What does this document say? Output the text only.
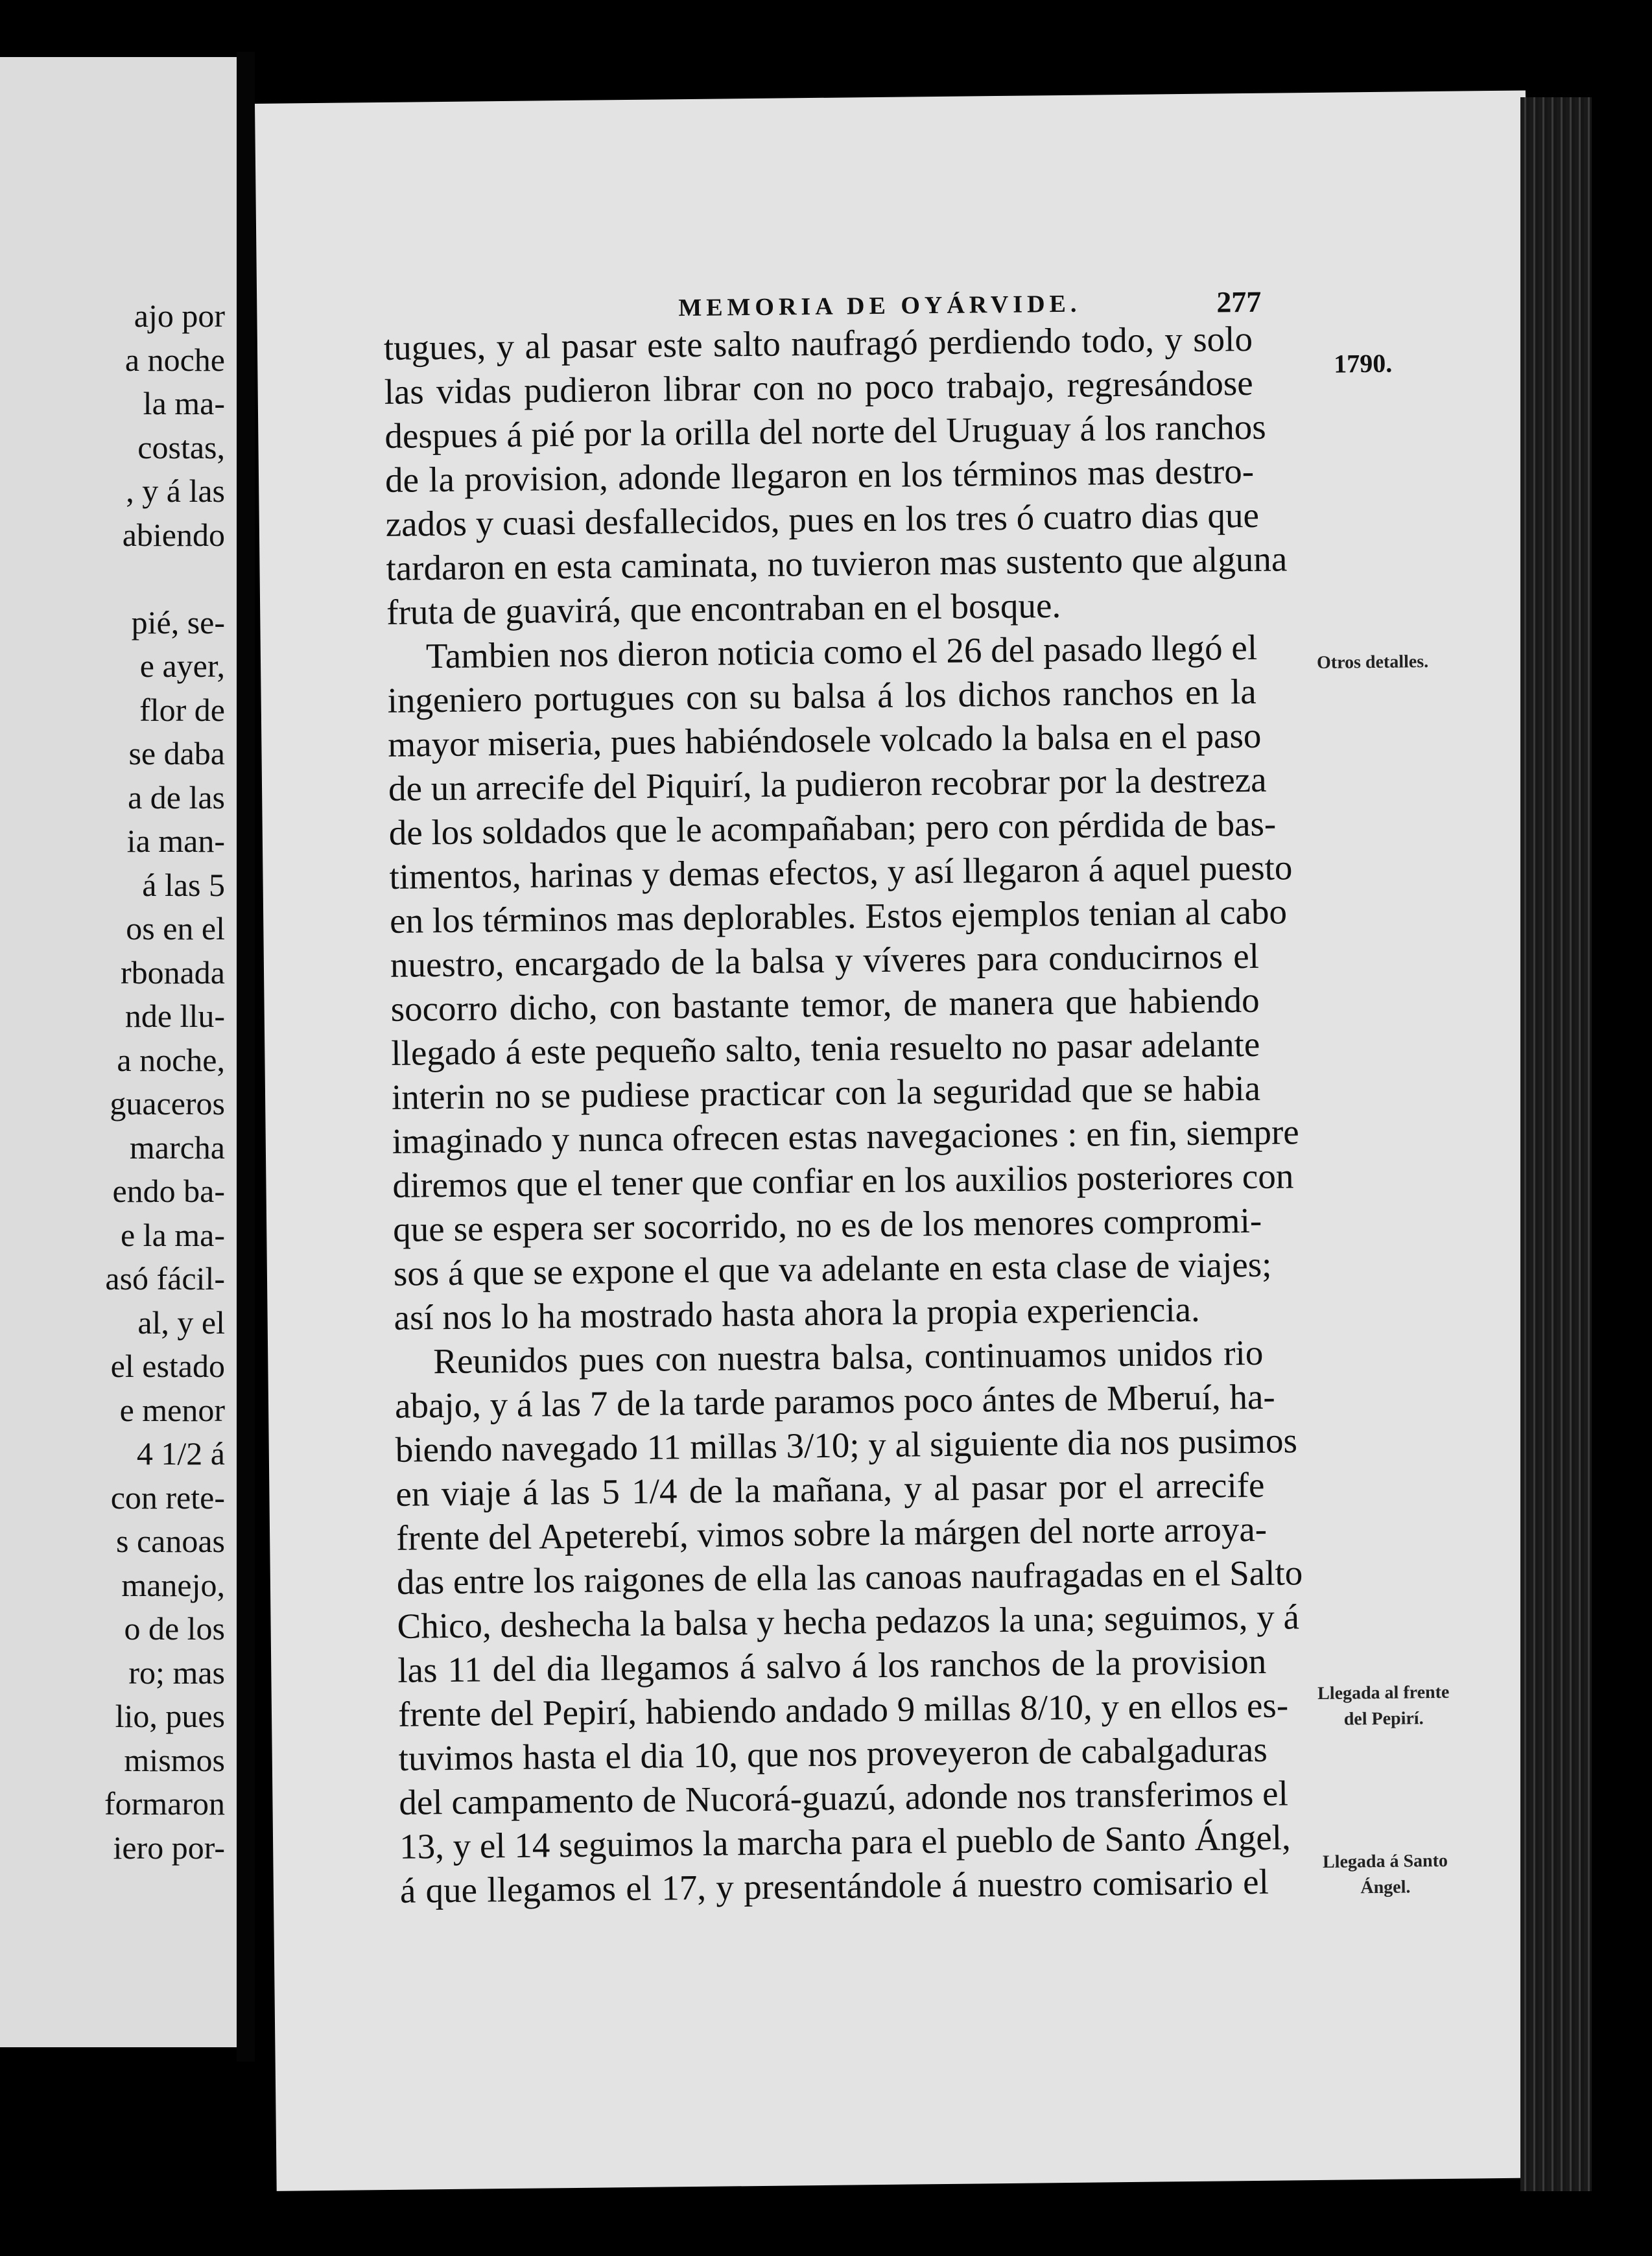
ajo por
a noche
la ma-
costas,
, y á las
abiendo
pié, se-
e ayer,
flor de
se daba
a de las
ia man-
á las 5
os en el
rbonada
nde llu-
a noche,
guaceros
marcha
endo ba-
e la ma-
asó fácil-
al, y el
el estado
e menor
4 1/2 á
con rete-
s canoas
manejo,
o de los
ro; mas
lio, pues
mismos
formaron
iero por-
MEMORIA DE OYÁRVIDE.	277
tugues, y al pasar este salto naufragó perdiendo todo, y solo
las vidas pudieron librar con no poco trabajo, regresándose
despues á pié por la orilla del norte del Uruguay á los ranchos
de la provision, adonde llegaron en los términos mas destro-
zados y cuasi desfallecidos, pues en los tres ó cuatro dias que
tardaron en esta caminata, no tuvieron mas sustento que alguna
fruta de guavirá, que encontraban en el bosque.
Tambien nos dieron noticia como el 26 del pasado llegó el
ingeniero portugues con su balsa á los dichos ranchos en la
mayor miseria, pues habiéndosele volcado la balsa en el paso
de un arrecife del Piquirí, la pudieron recobrar por la destreza
de los soldados que le acompañaban; pero con pérdida de bas-
timentos, harinas y demas efectos, y así llegaron á aquel puesto
en los términos mas deplorables. Estos ejemplos tenian al cabo
nuestro, encargado de la balsa y víveres para conducirnos el
socorro dicho, con bastante temor, de manera que habiendo
llegado á este pequeño salto, tenia resuelto no pasar adelante
interin no se pudiese practicar con la seguridad que se habia
imaginado y nunca ofrecen estas navegaciones : en fin, siempre
diremos que el tener que confiar en los auxilios posteriores con
que se espera ser socorrido, no es de los menores compromi-
sos á que se expone el que va adelante en esta clase de viajes;
así nos lo ha mostrado hasta ahora la propia experiencia.
Reunidos pues con nuestra balsa, continuamos unidos rio
abajo, y á las 7 de la tarde paramos poco ántes de Mberuí, ha-
biendo navegado 11 millas 3/10; y al siguiente dia nos pusimos
en viaje á las 5 1/4 de la mañana, y al pasar por el arrecife
frente del Apeterebí, vimos sobre la márgen del norte arroya-
das entre los raigones de ella las canoas naufragadas en el Salto
Chico, deshecha la balsa y hecha pedazos la una; seguimos, y á
las 11 del dia llegamos á salvo á los ranchos de la provision
frente del Pepirí, habiendo andado 9 millas 8/10, y en ellos es-
tuvimos hasta el dia 10, que nos proveyeron de cabalgaduras
del campamento de Nucorá-guazú, adonde nos transferimos el
13, y el 14 seguimos la marcha para el pueblo de Santo Ángel,
á que llegamos el 17, y presentándole á nuestro comisario el
1790.
Otros detalles.
Llegada al frente del Pepirí.
Llegada á Santo Ángel.
